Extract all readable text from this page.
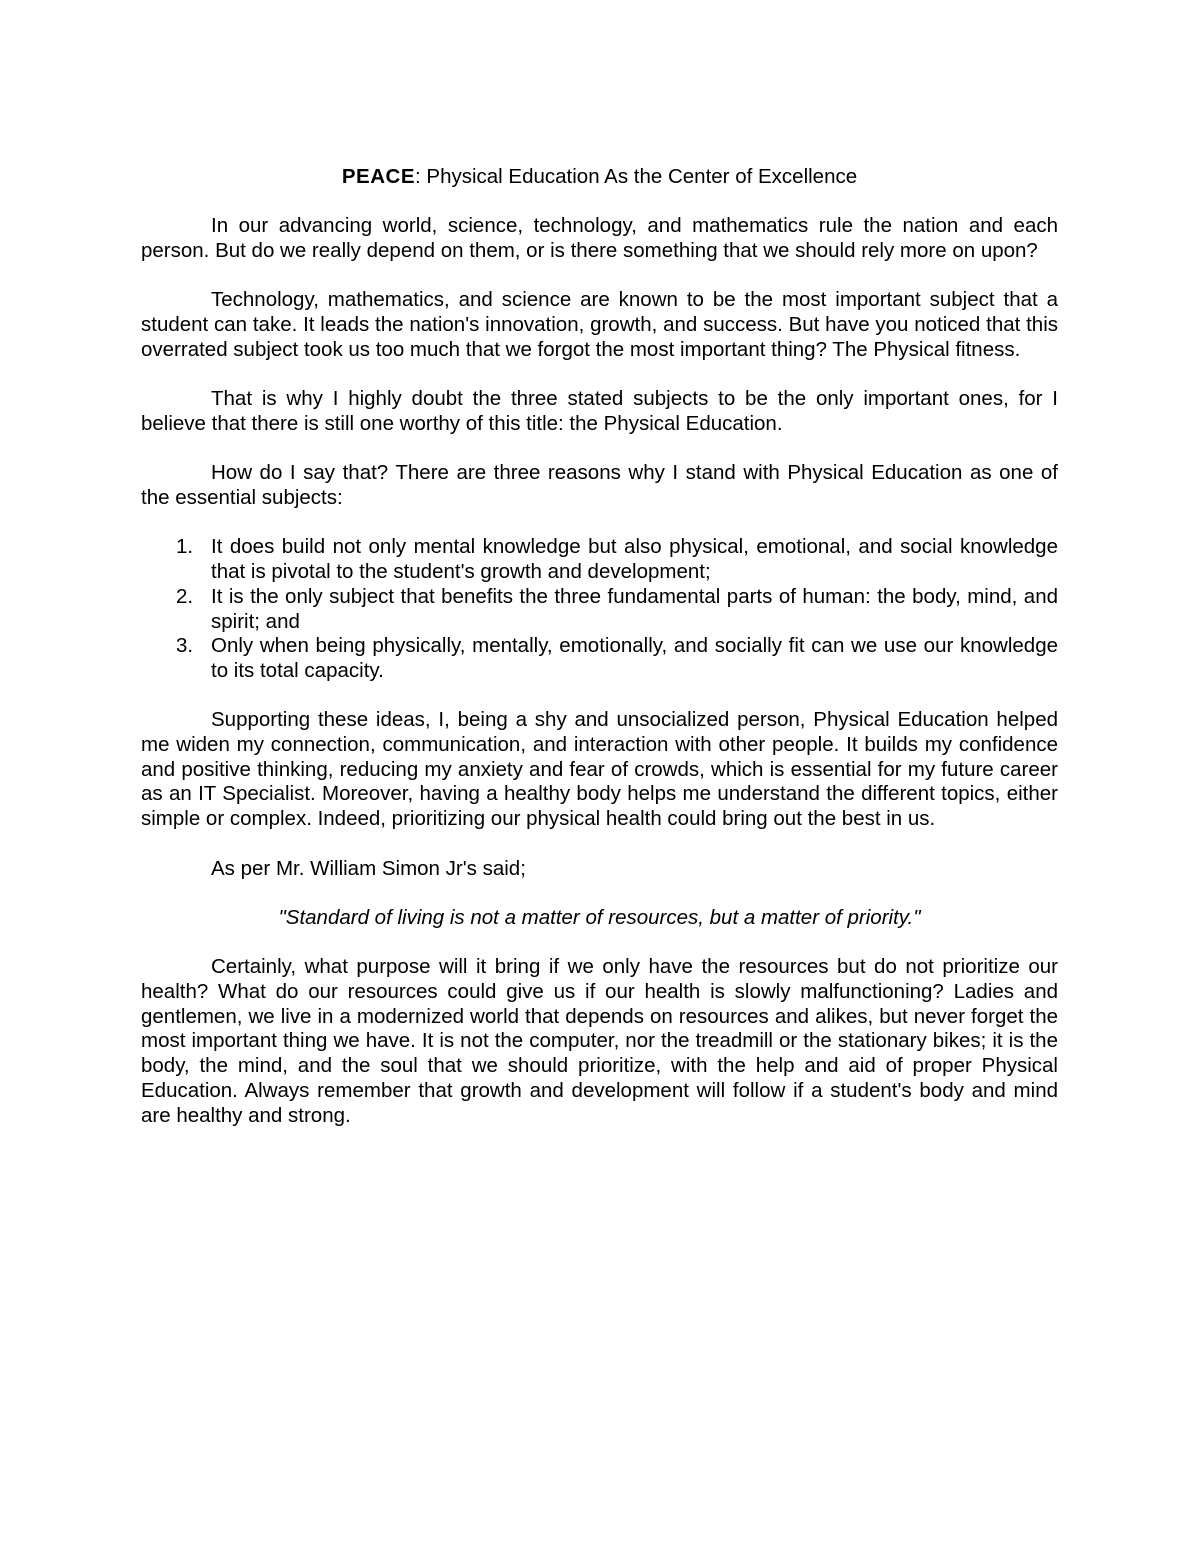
PEACE: Physical Education As the Center of Excellence

In our advancing world, science, technology, and mathematics rule the nation and each person. But do we really depend on them, or is there something that we should rely more on upon?

Technology, mathematics, and science are known to be the most important subject that a student can take. It leads the nation's innovation, growth, and success. But have you noticed that this overrated subject took us too much that we forgot the most important thing? The Physical fitness.

That is why I highly doubt the three stated subjects to be the only important ones, for I believe that there is still one worthy of this title: the Physical Education.

How do I say that? There are three reasons why I stand with Physical Education as one of the essential subjects:

1. It does build not only mental knowledge but also physical, emotional, and social knowledge that is pivotal to the student's growth and development;
2. It is the only subject that benefits the three fundamental parts of human: the body, mind, and spirit; and
3. Only when being physically, mentally, emotionally, and socially fit can we use our knowledge to its total capacity.

Supporting these ideas, I, being a shy and unsocialized person, Physical Education helped me widen my connection, communication, and interaction with other people. It builds my confidence and positive thinking, reducing my anxiety and fear of crowds, which is essential for my future career as an IT Specialist. Moreover, having a healthy body helps me understand the different topics, either simple or complex. Indeed, prioritizing our physical health could bring out the best in us.

As per Mr. William Simon Jr's said;

"Standard of living is not a matter of resources, but a matter of priority."

Certainly, what purpose will it bring if we only have the resources but do not prioritize our health? What do our resources could give us if our health is slowly malfunctioning? Ladies and gentlemen, we live in a modernized world that depends on resources and alikes, but never forget the most important thing we have. It is not the computer, nor the treadmill or the stationary bikes; it is the body, the mind, and the soul that we should prioritize, with the help and aid of proper Physical Education. Always remember that growth and development will follow if a student's body and mind are healthy and strong.
